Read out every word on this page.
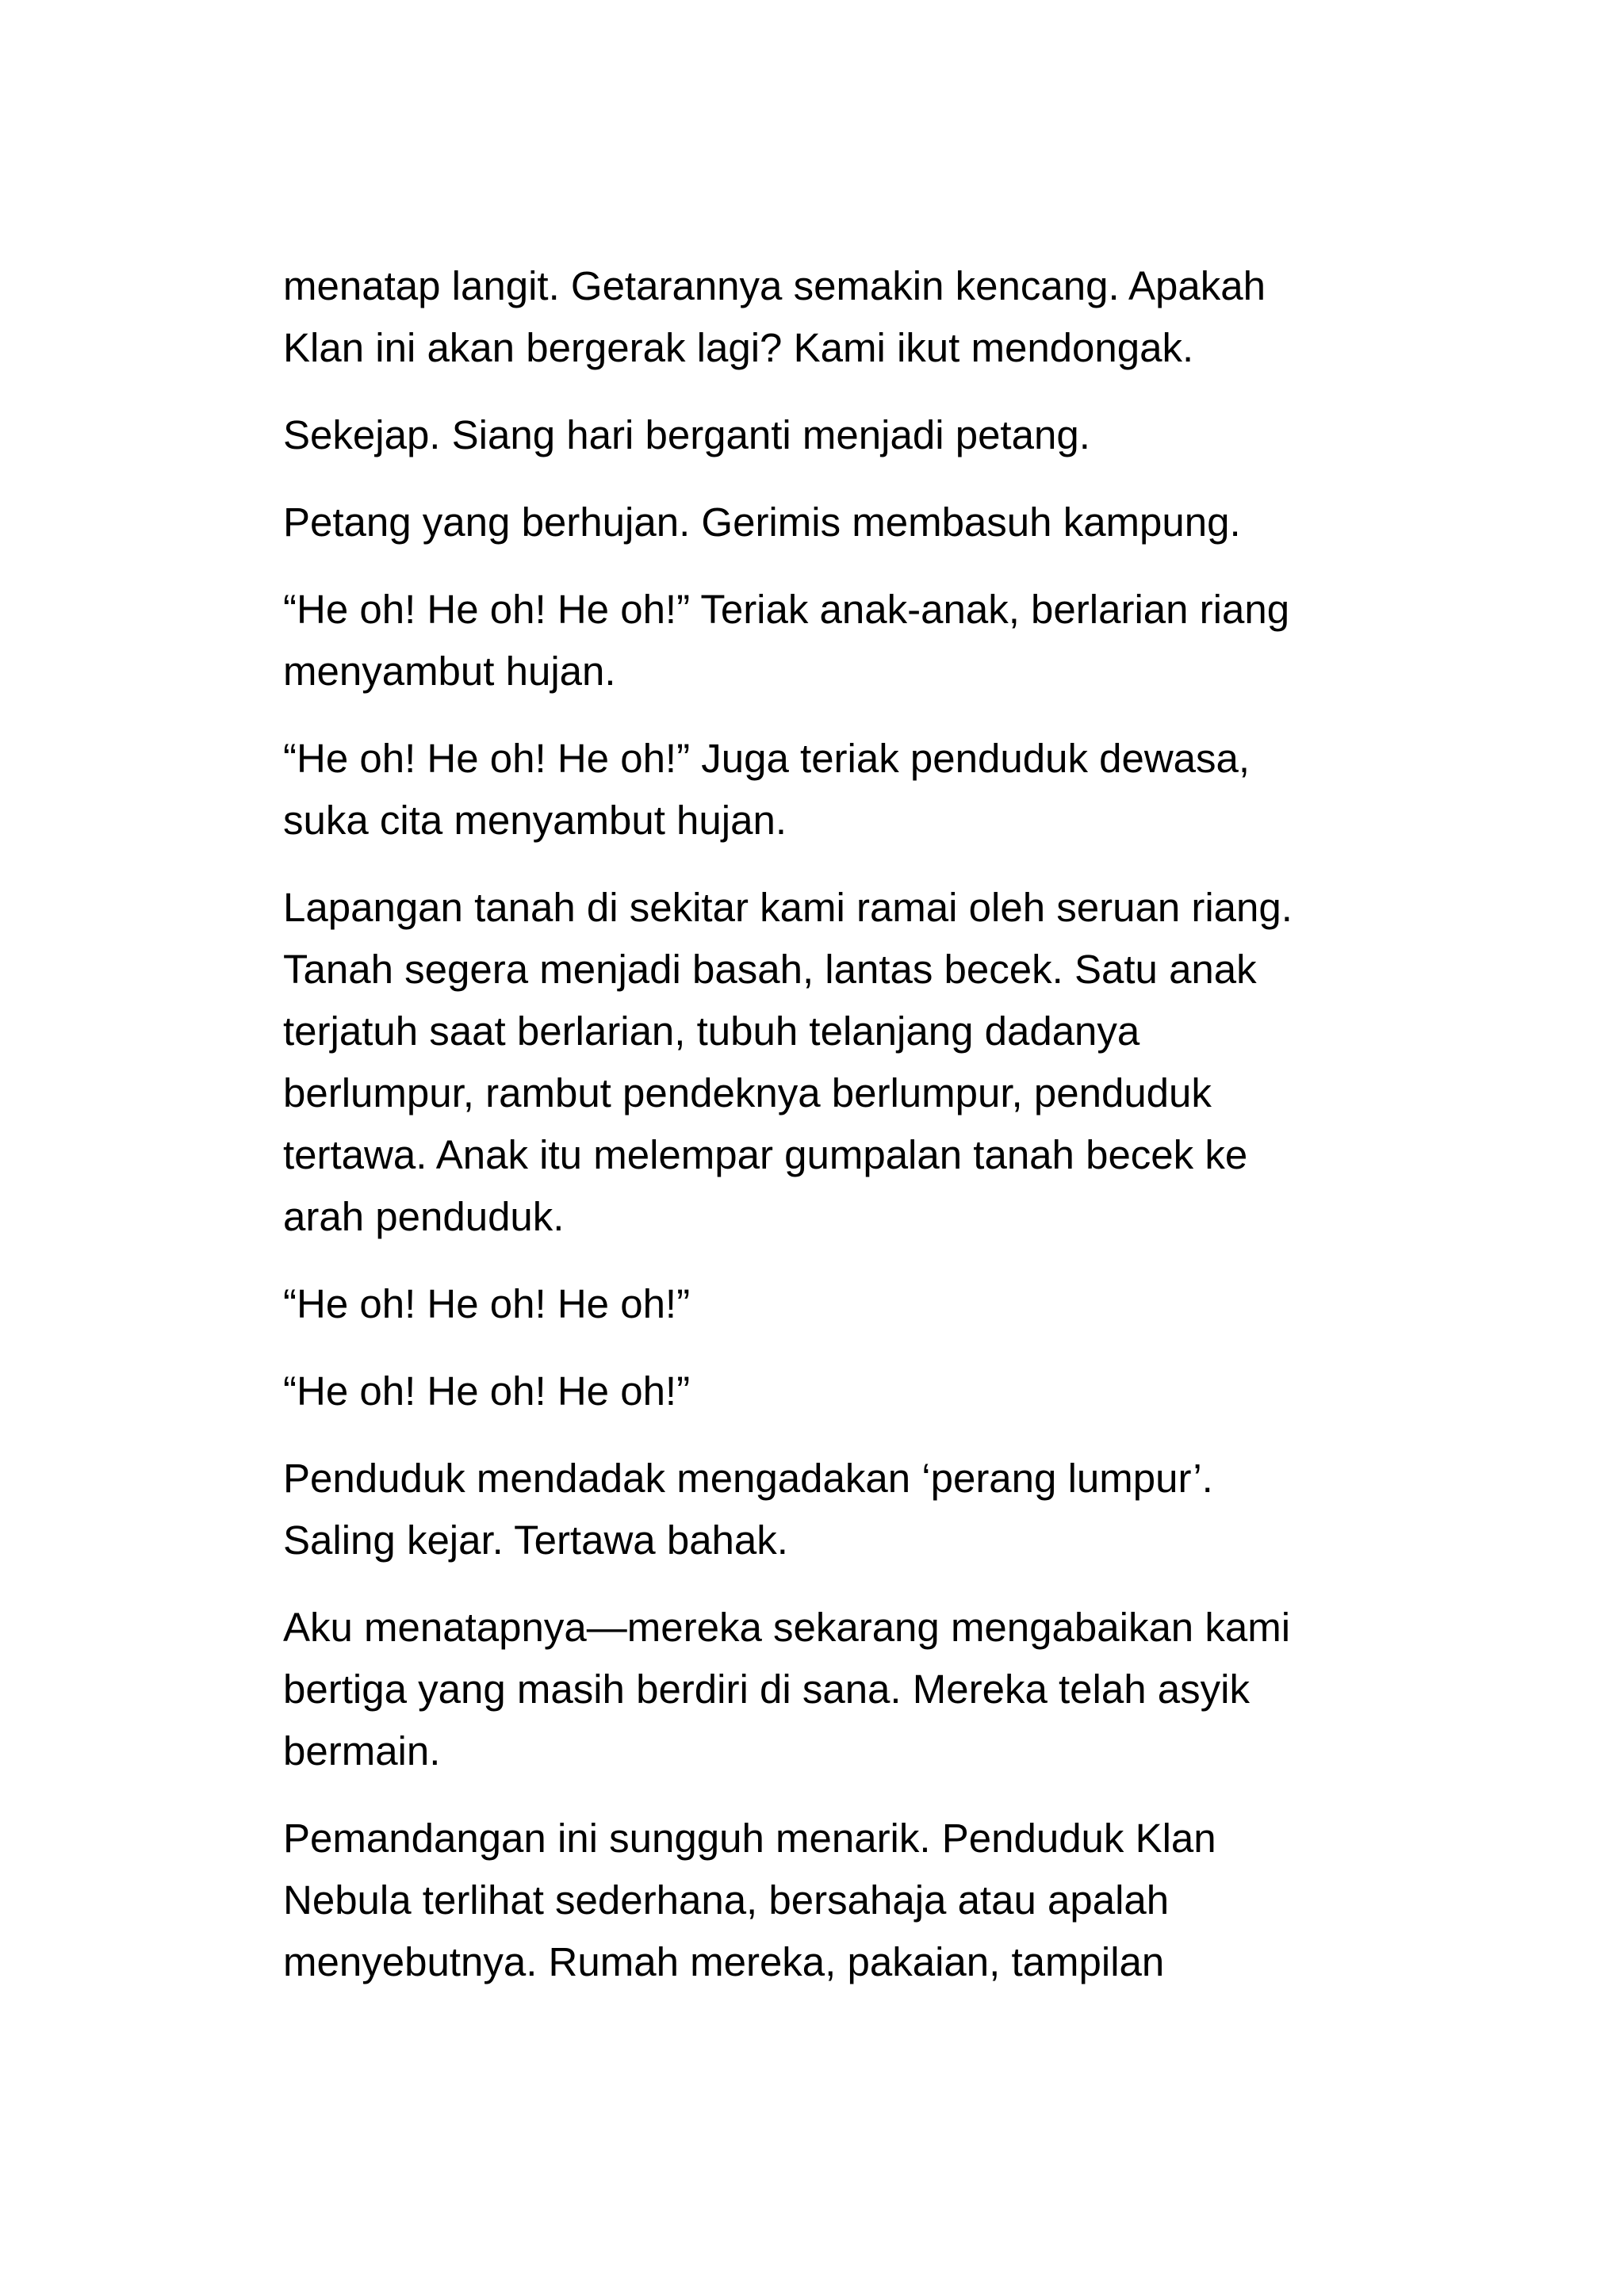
menatap langit. Getarannya semakin kencang. Apakah
Klan ini akan bergerak lagi? Kami ikut mendongak.

Sekejap. Siang hari berganti menjadi petang.

Petang yang berhujan. Gerimis membasuh kampung.

“He oh! He oh! He oh!” Teriak anak-anak, berlarian riang
menyambut hujan.

“He oh! He oh! He oh!” Juga teriak penduduk dewasa,
suka cita menyambut hujan.

Lapangan tanah di sekitar kami ramai oleh seruan riang.
Tanah segera menjadi basah, lantas becek. Satu anak
terjatuh saat berlarian, tubuh telanjang dadanya
berlumpur, rambut pendeknya berlumpur, penduduk
tertawa. Anak itu melempar gumpalan tanah becek ke
arah penduduk.

“He oh! He oh! He oh!”

“He oh! He oh! He oh!”

Penduduk mendadak mengadakan ‘perang lumpur’.
Saling kejar. Tertawa bahak.

Aku menatapnya—mereka sekarang mengabaikan kami
bertiga yang masih berdiri di sana. Mereka telah asyik
bermain.

Pemandangan ini sungguh menarik. Penduduk Klan
Nebula terlihat sederhana, bersahaja atau apalah
menyebutnya. Rumah mereka, pakaian, tampilan
